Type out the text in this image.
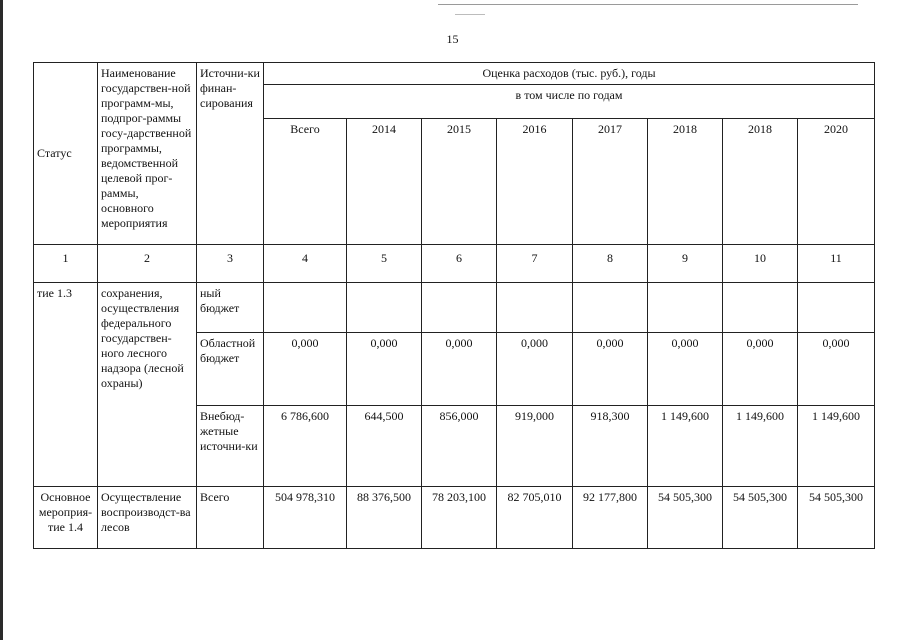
15
Статус	Наименование государствен-ной программ-мы, подпрог-раммы госу-дарственной программы, ведомственной целевой прог-раммы, основного мероприятия	Источни-ки финан-сирования	Оценка расходов (тыс. руб.), годы							
			в том числе по годам							
			Всего	2014	2015	2016	2017	2018	2018	2020
1	2	3	4	5	6	7	8	9	10	11
тие 1.3	сохранения, осуществления федерального государствен-ного лесного надзора (лесной охраны)	ный бюджет								
		Областной бюджет	0,000	0,000	0,000	0,000	0,000	0,000	0,000	0,000
		Внебюд-жетные источни-ки	6 786,600	644,500	856,000	919,000	918,300	1 149,600	1 149,600	1 149,600
Основное мероприя-тие 1.4	Осуществление воспроизводст-ва лесов	Всего	504 978,310	88 376,500	78 203,100	82 705,010	92 177,800	54 505,300	54 505,300	54 505,300
